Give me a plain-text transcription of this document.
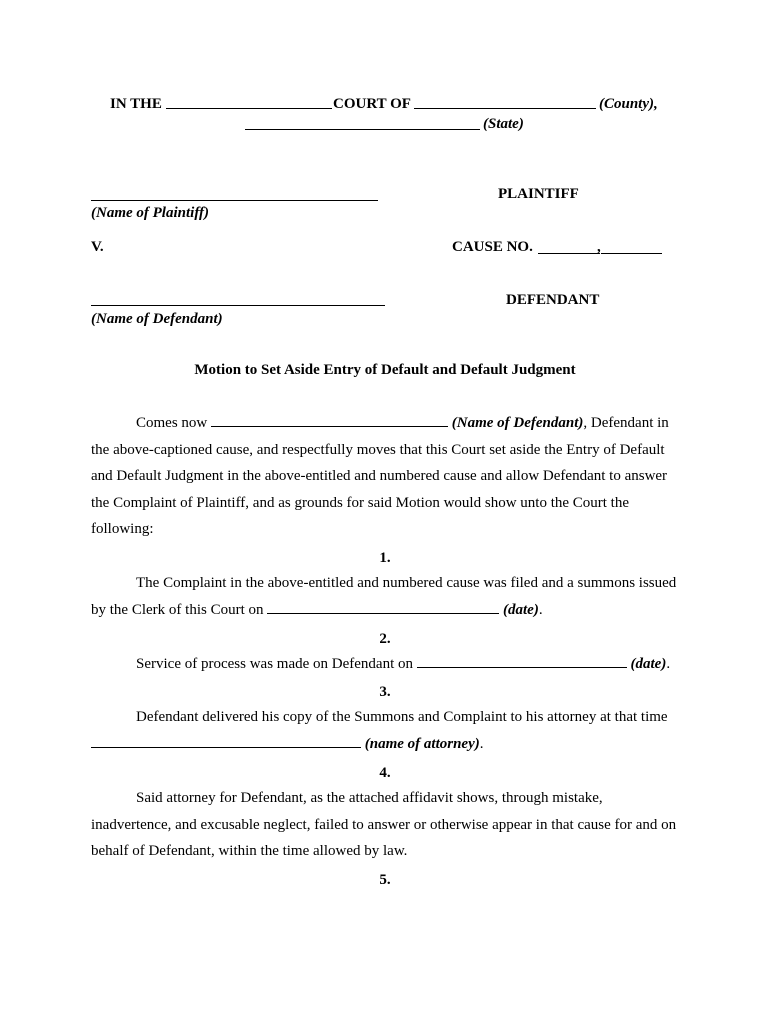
IN THE	COURT OF	(County),
(State)
PLAINTIFF
(Name of Plaintiff)
V.	CAUSE NO.	,
DEFENDANT
(Name of Defendant)
Motion to Set Aside Entry of Default and Default Judgment

Comes now	(Name of Defendant), Defendant in the above-captioned cause, and respectfully moves that this Court set aside the Entry of Default and Default Judgment in the above-entitled and numbered cause and allow Defendant to answer the Complaint of Plaintiff, and as grounds for said Motion would show unto the Court the following:

1.

The Complaint in the above-entitled and numbered cause was filed and a summons issued by the Clerk of this Court on	(date).

2.

Service of process was made on Defendant on	(date).

3.

Defendant delivered his copy of the Summons and Complaint to his attorney at that time  (name of attorney).

4.

Said attorney for Defendant, as the attached affidavit shows, through mistake, inadvertence, and excusable neglect, failed to answer or otherwise appear in that cause for and on behalf of Defendant, within the time allowed by law.

5.
